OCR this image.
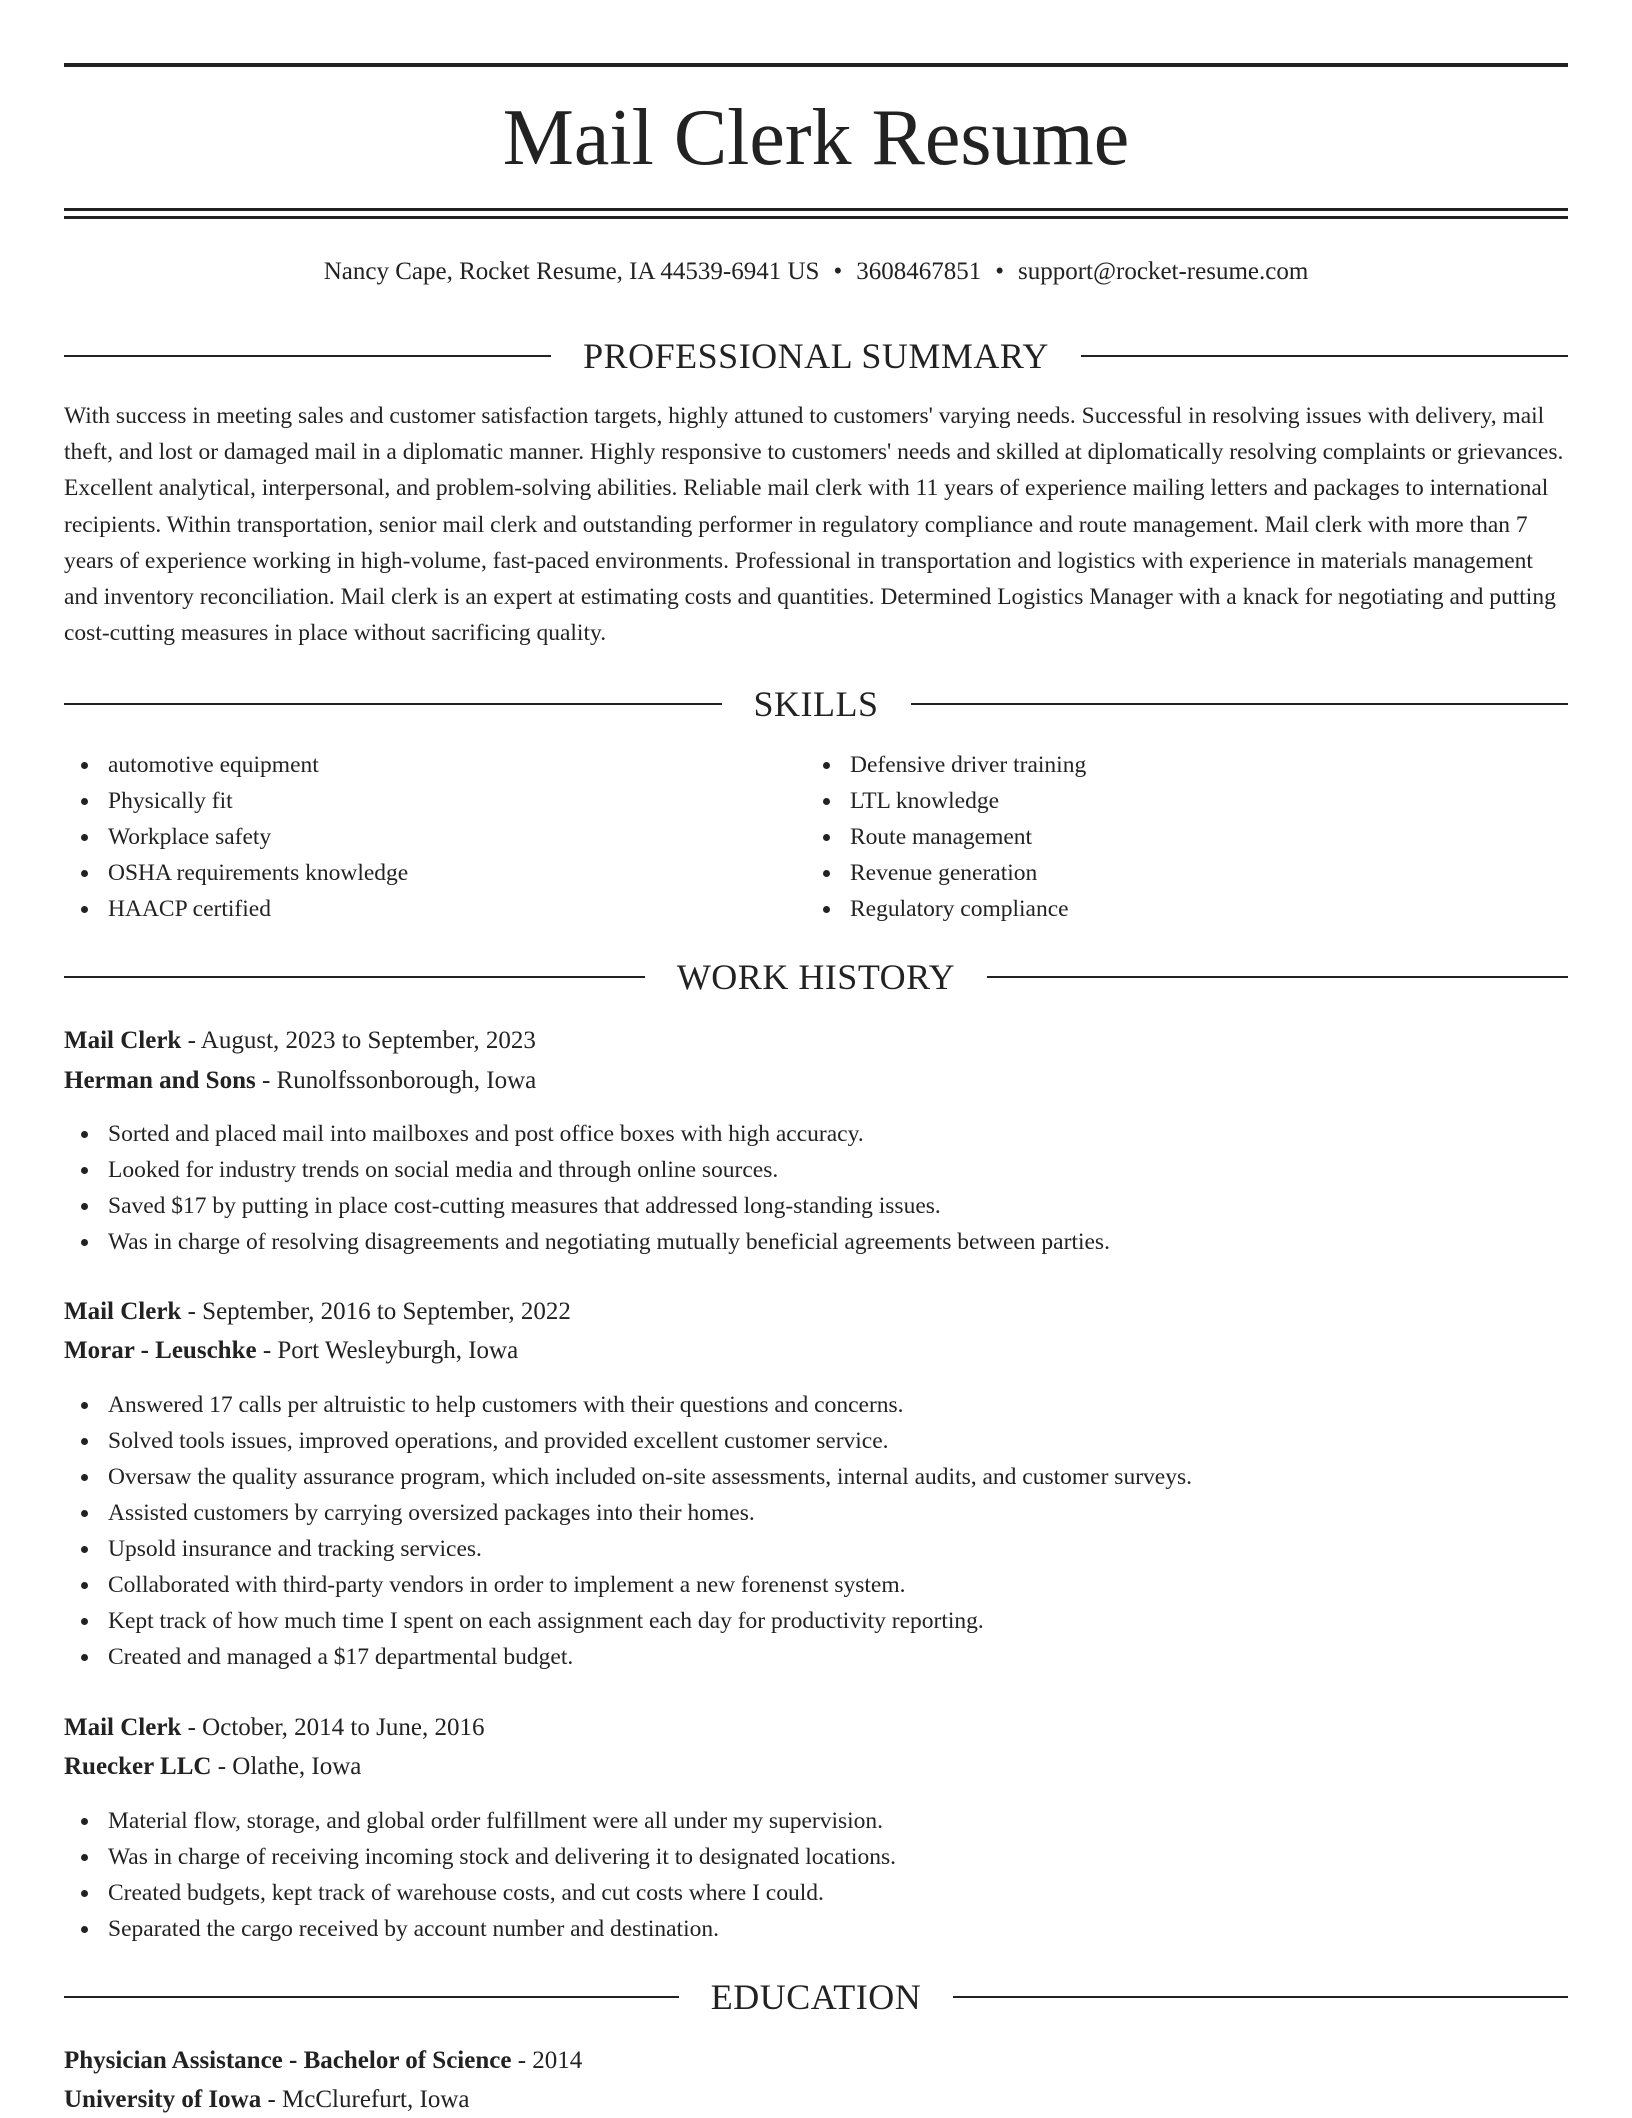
Mail Clerk Resume
Nancy Cape, Rocket Resume, IA 44539-6941 US • 3608467851 • support@rocket-resume.com
PROFESSIONAL SUMMARY

With success in meeting sales and customer satisfaction targets, highly attuned to customers' varying needs. Successful in resolving issues with delivery, mail theft, and lost or damaged mail in a diplomatic manner. Highly responsive to customers' needs and skilled at diplomatically resolving complaints or grievances. Excellent analytical, interpersonal, and problem-solving abilities. Reliable mail clerk with 11 years of experience mailing letters and packages to international recipients. Within transportation, senior mail clerk and outstanding performer in regulatory compliance and route management. Mail clerk with more than 7 years of experience working in high-volume, fast-paced environments. Professional in transportation and logistics with experience in materials management and inventory reconciliation. Mail clerk is an expert at estimating costs and quantities. Determined Logistics Manager with a knack for negotiating and putting cost-cutting measures in place without sacrificing quality.

SKILLS
automotive equipment
Physically fit
Workplace safety
OSHA requirements knowledge
HAACP certified
Defensive driver training
LTL knowledge
Route management
Revenue generation
Regulatory compliance
WORK HISTORY
Mail Clerk - August, 2023 to September, 2023
Herman and Sons - Runolfssonborough, Iowa
Sorted and placed mail into mailboxes and post office boxes with high accuracy.
Looked for industry trends on social media and through online sources.
Saved $17 by putting in place cost-cutting measures that addressed long-standing issues.
Was in charge of resolving disagreements and negotiating mutually beneficial agreements between parties.
Mail Clerk - September, 2016 to September, 2022
Morar - Leuschke - Port Wesleyburgh, Iowa
Answered 17 calls per altruistic to help customers with their questions and concerns.
Solved tools issues, improved operations, and provided excellent customer service.
Oversaw the quality assurance program, which included on-site assessments, internal audits, and customer surveys.
Assisted customers by carrying oversized packages into their homes.
Upsold insurance and tracking services.
Collaborated with third-party vendors in order to implement a new forenenst system.
Kept track of how much time I spent on each assignment each day for productivity reporting.
Created and managed a $17 departmental budget.
Mail Clerk - October, 2014 to June, 2016
Ruecker LLC - Olathe, Iowa
Material flow, storage, and global order fulfillment were all under my supervision.
Was in charge of receiving incoming stock and delivering it to designated locations.
Created budgets, kept track of warehouse costs, and cut costs where I could.
Separated the cargo received by account number and destination.
EDUCATION
Physician Assistance - Bachelor of Science - 2014
University of Iowa - McClurefurt, Iowa
